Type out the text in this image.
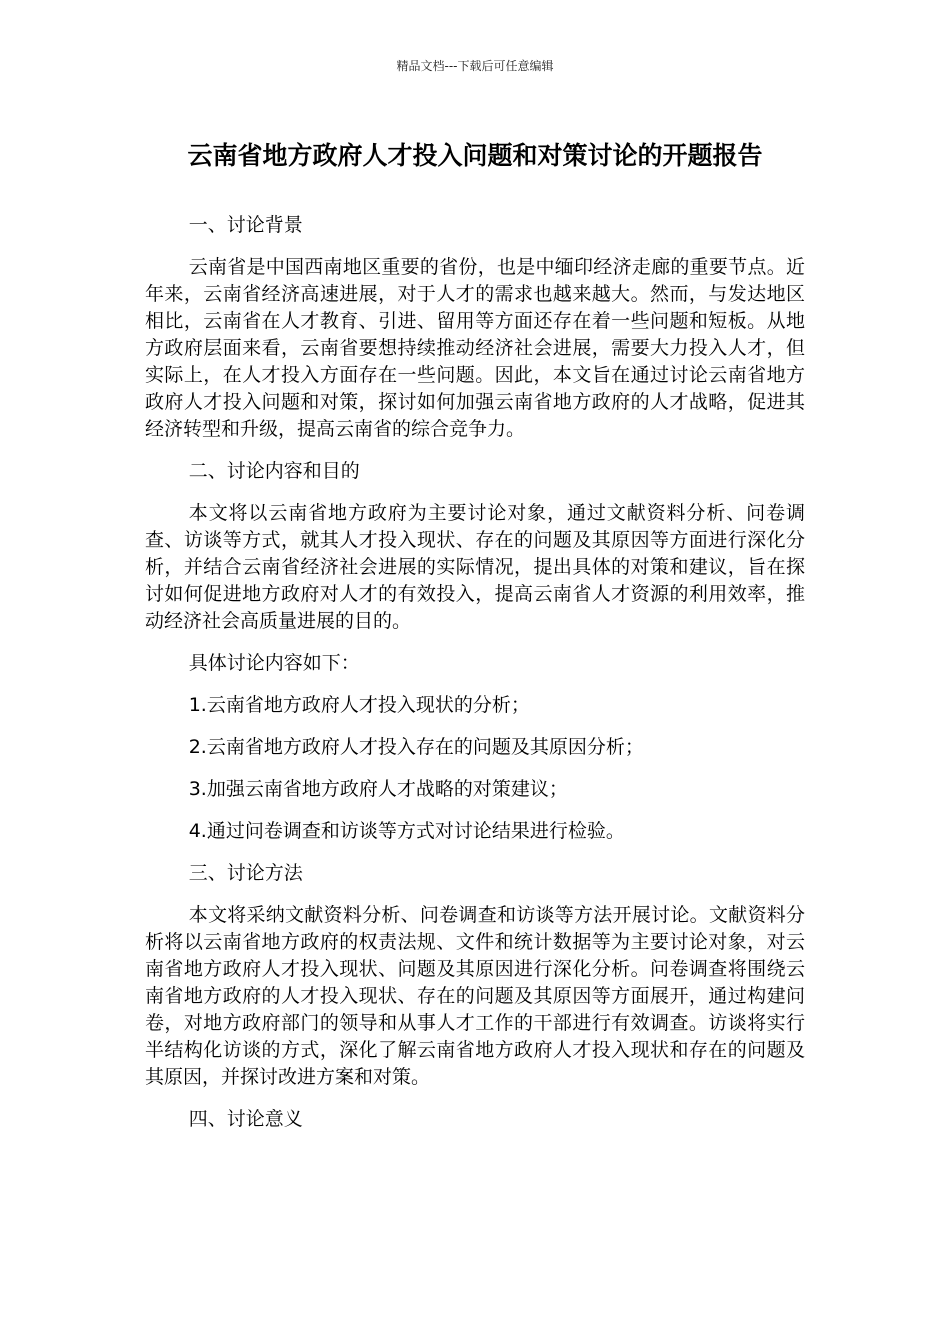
精品文档---下载后可任意编辑
云南省地方政府人才投入问题和对策讨论的开题报告

一、讨论背景

云南省是中国西南地区重要的省份，也是中缅印经济走廊的重要节点。近年来，云南省经济高速进展，对于人才的需求也越来越大。然而，与发达地区相比，云南省在人才教育、引进、留用等方面还存在着一些问题和短板。从地方政府层面来看，云南省要想持续推动经济社会进展，需要大力投入人才，但实际上，在人才投入方面存在一些问题。因此，本文旨在通过讨论云南省地方政府人才投入问题和对策，探讨如何加强云南省地方政府的人才战略，促进其经济转型和升级，提高云南省的综合竞争力。

二、讨论内容和目的

本文将以云南省地方政府为主要讨论对象，通过文献资料分析、问卷调查、访谈等方式，就其人才投入现状、存在的问题及其原因等方面进行深化分析，并结合云南省经济社会进展的实际情况，提出具体的对策和建议，旨在探讨如何促进地方政府对人才的有效投入，提高云南省人才资源的利用效率，推动经济社会高质量进展的目的。

具体讨论内容如下：

1.云南省地方政府人才投入现状的分析；

2.云南省地方政府人才投入存在的问题及其原因分析；

3.加强云南省地方政府人才战略的对策建议；

4.通过问卷调查和访谈等方式对讨论结果进行检验。

三、讨论方法

本文将采纳文献资料分析、问卷调查和访谈等方法开展讨论。文献资料分析将以云南省地方政府的权责法规、文件和统计数据等为主要讨论对象，对云南省地方政府人才投入现状、问题及其原因进行深化分析。问卷调查将围绕云南省地方政府的人才投入现状、存在的问题及其原因等方面展开，通过构建问卷，对地方政府部门的领导和从事人才工作的干部进行有效调查。访谈将实行半结构化访谈的方式，深化了解云南省地方政府人才投入现状和存在的问题及其原因，并探讨改进方案和对策。

四、讨论意义
